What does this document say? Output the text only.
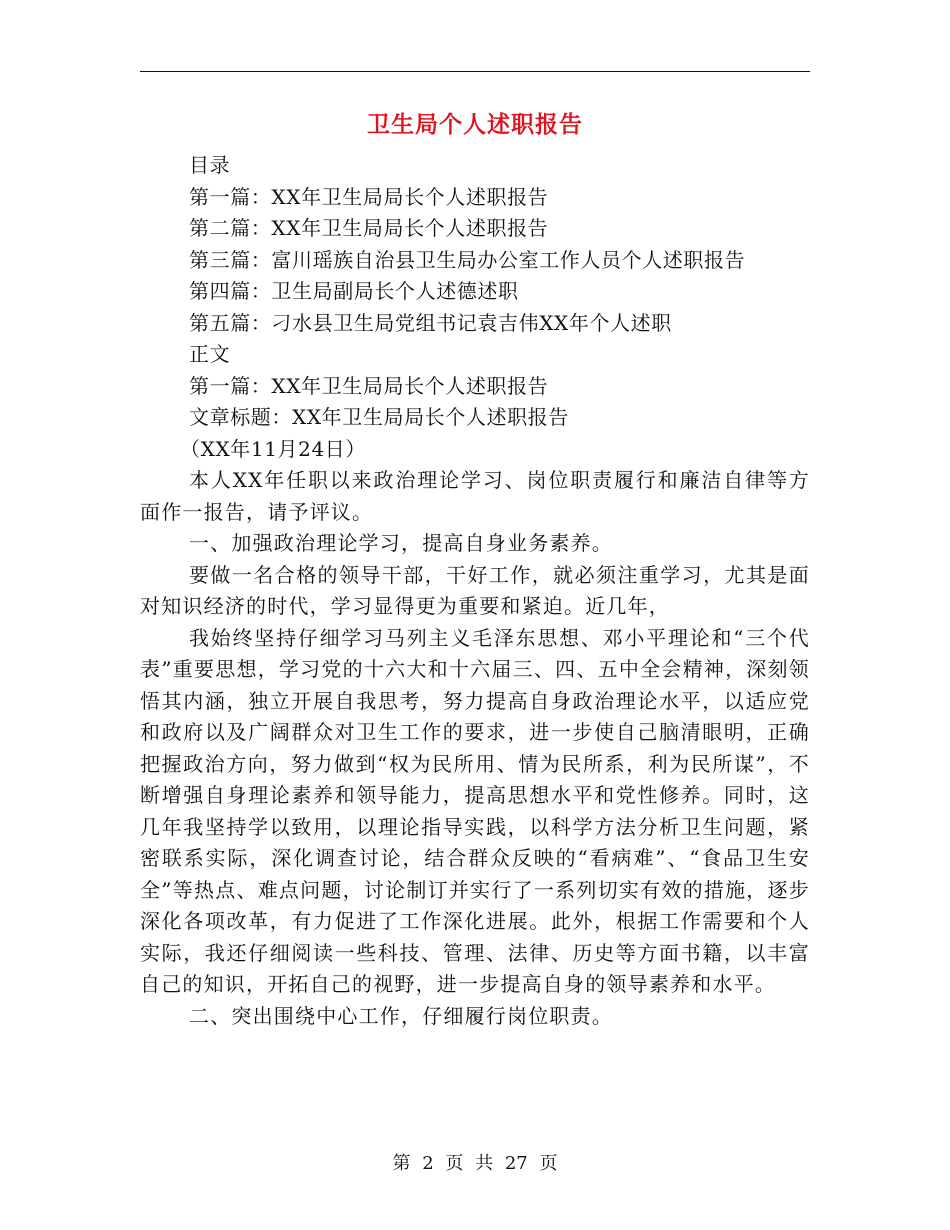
卫生局个人述职报告
目录
第一篇：XX年卫生局局长个人述职报告
第二篇：XX年卫生局局长个人述职报告
第三篇：富川瑶族自治县卫生局办公室工作人员个人述职报告
第四篇：卫生局副局长个人述德述职
第五篇：刁水县卫生局党组书记袁吉伟XX年个人述职
正文
第一篇：XX年卫生局局长个人述职报告
文章标题：XX年卫生局局长个人述职报告
（XX年11月24日）

本人XX年任职以来政治理论学习、岗位职责履行和廉洁自律等方面作一报告，请予评议。

一、加强政治理论学习，提高自身业务素养。

要做一名合格的领导干部，干好工作，就必须注重学习，尤其是面对知识经济的时代，学习显得更为重要和紧迫。近几年，

我始终坚持仔细学习马列主义毛泽东思想、邓小平理论和“三个代表”重要思想，学习党的十六大和十六届三、四、五中全会精神，深刻领悟其内涵，独立开展自我思考，努力提高自身政治理论水平，以适应党和政府以及广阔群众对卫生工作的要求，进一步使自己脑清眼明，正确把握政治方向，努力做到“权为民所用、情为民所系，利为民所谋”，不断增强自身理论素养和领导能力，提高思想水平和党性修养。同时，这几年我坚持学以致用，以理论指导实践，以科学方法分析卫生问题，紧密联系实际，深化调查讨论，结合群众反映的“看病难”、“食品卫生安全”等热点、难点问题，讨论制订并实行了一系列切实有效的措施，逐步深化各项改革，有力促进了工作深化进展。此外，根据工作需要和个人实际，我还仔细阅读一些科技、管理、法律、历史等方面书籍，以丰富自己的知识，开拓自己的视野，进一步提高自身的领导素养和水平。

二、突出围绕中心工作，仔细履行岗位职责。

第 2 页 共 27 页
